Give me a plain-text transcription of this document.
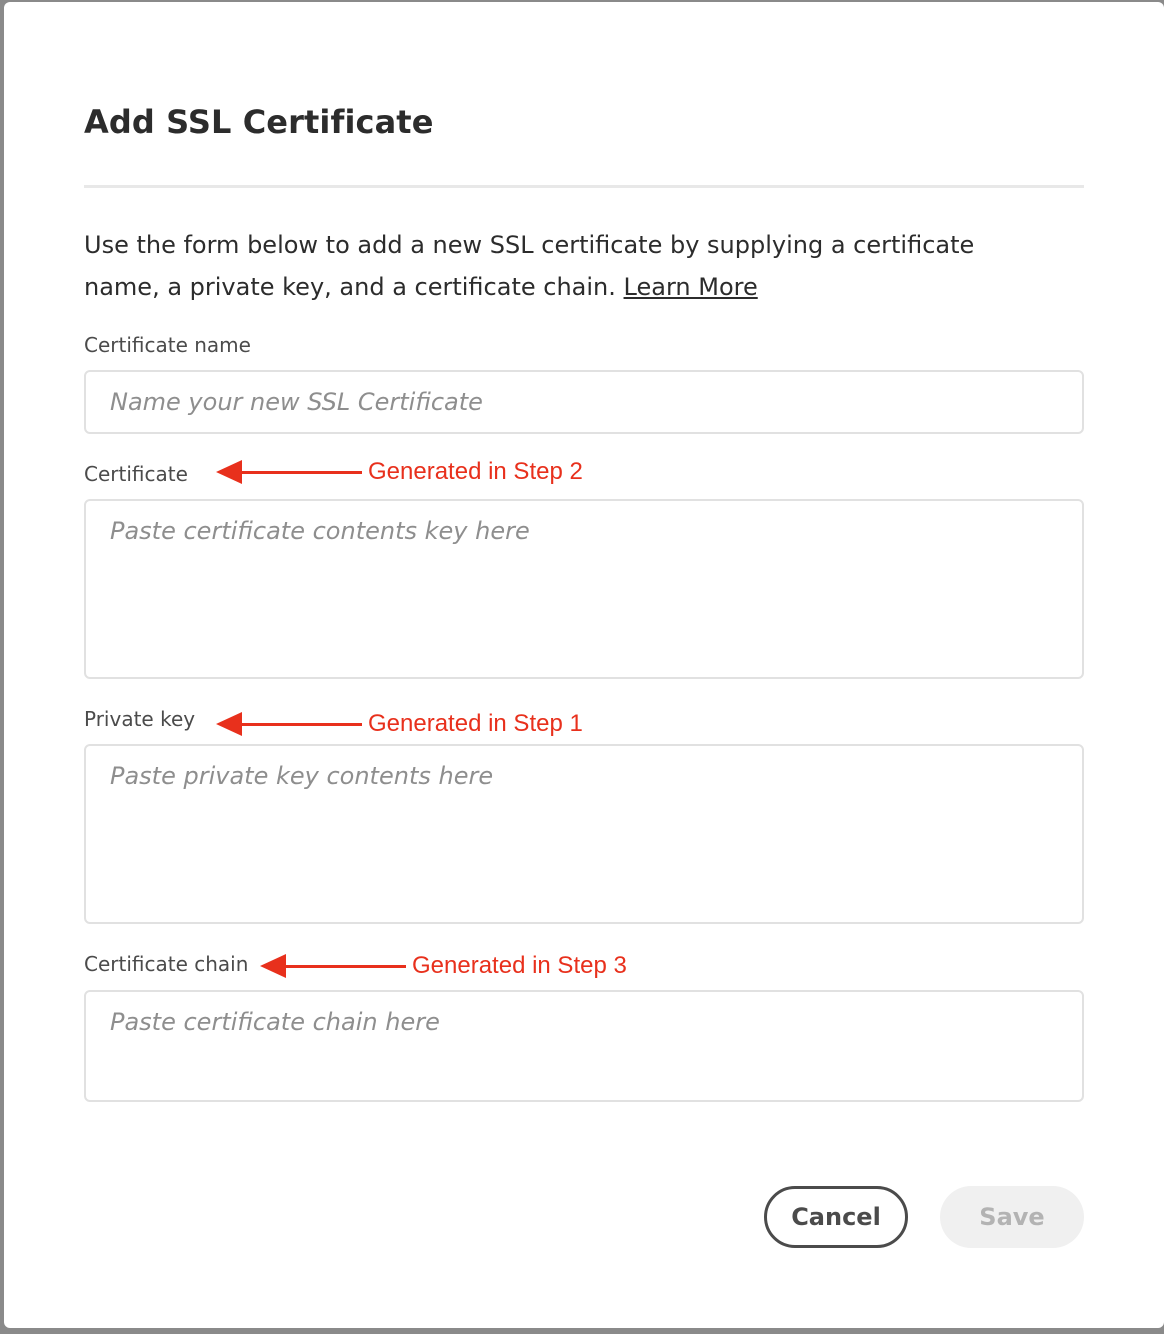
Add SSL Certificate

Use the form below to add a new SSL certificate by supplying a certificate name, a private key, and a certificate chain. Learn More

Certificate name
Name your new SSL Certificate
Certificate	Generated in Step 2
Paste certificate contents key here
Private key	Generated in Step 1
Paste private key contents here
Certificate chain	Generated in Step 3
Paste certificate chain here
Cancel	Save
